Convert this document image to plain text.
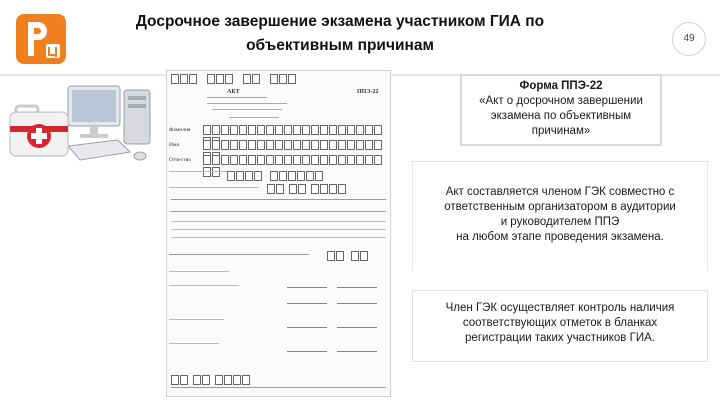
Досрочное завершение экзамена участником ГИА по
объективным причинам	49

АКТ	ППЭ-22
Фамилия
Имя
Отчество

Форма ППЭ-22
«Акт о досрочном завершении
экзамена по объективным
причинам»
Акт составляется членом ГЭК совместно с
ответственным организатором в аудитории
и руководителем ППЭ
на любом этапе проведения экзамена.
Член ГЭК осуществляет контроль наличия
соответствующих отметок в бланках
регистрации таких участников ГИА.
